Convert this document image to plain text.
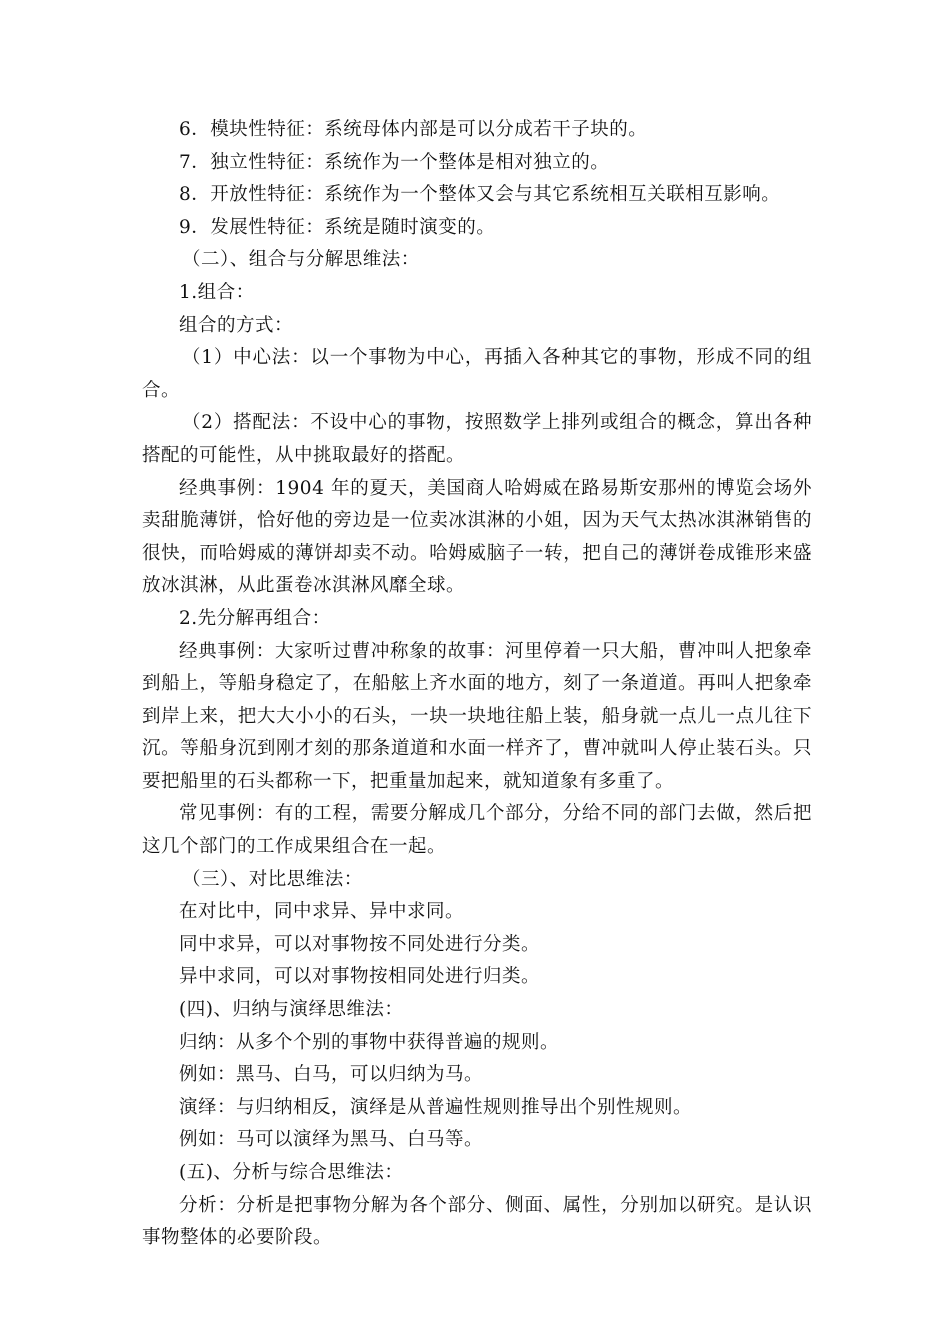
6．模块性特征：系统母体内部是可以分成若干子块的。

7．独立性特征：系统作为一个整体是相对独立的。

8．开放性特征：系统作为一个整体又会与其它系统相互关联相互影响。

9．发展性特征：系统是随时演变的。

（二）、组合与分解思维法：

1.组合：

组合的方式：

（1）中心法：以一个事物为中心，再插入各种其它的事物，形成不同的组合。

（2）搭配法：不设中心的事物，按照数学上排列或组合的概念，算出各种搭配的可能性，从中挑取最好的搭配。

经典事例：1904 年的夏天，美国商人哈姆威在路易斯安那州的博览会场外卖甜脆薄饼，恰好他的旁边是一位卖冰淇淋的小姐，因为天气太热冰淇淋销售的很快，而哈姆威的薄饼却卖不动。哈姆威脑子一转，把自己的薄饼卷成锥形来盛放冰淇淋，从此蛋卷冰淇淋风靡全球。

2.先分解再组合：

经典事例：大家听过曹冲称象的故事：河里停着一只大船，曹冲叫人把象牵到船上，等船身稳定了，在船舷上齐水面的地方，刻了一条道道。再叫人把象牵到岸上来，把大大小小的石头，一块一块地往船上装，船身就一点儿一点儿往下沉。等船身沉到刚才刻的那条道道和水面一样齐了，曹冲就叫人停止装石头。只要把船里的石头都称一下，把重量加起来，就知道象有多重了。

常见事例：有的工程，需要分解成几个部分，分给不同的部门去做，然后把这几个部门的工作成果组合在一起。

（三）、对比思维法：

在对比中，同中求异、异中求同。

同中求异，可以对事物按不同处进行分类。

异中求同，可以对事物按相同处进行归类。

(四)、归纳与演绎思维法：

归纳：从多个个别的事物中获得普遍的规则。

例如：黑马、白马，可以归纳为马。

演绎：与归纳相反，演绎是从普遍性规则推导出个别性规则。

例如：马可以演绎为黑马、白马等。

(五)、分析与综合思维法：

分析：分析是把事物分解为各个部分、侧面、属性，分别加以研究。是认识事物整体的必要阶段。
